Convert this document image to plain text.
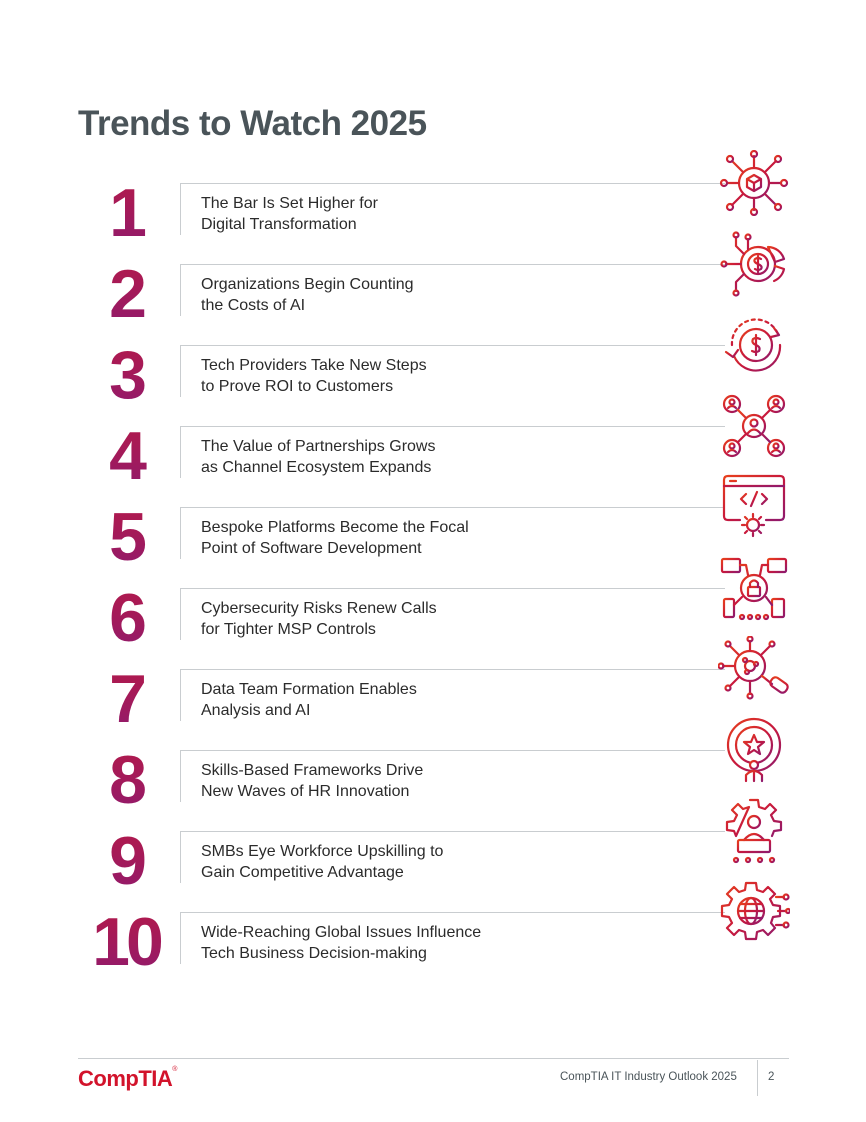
Trends to Watch 2025
1	The Bar Is Set Higher for
Digital Transformation
2	Organizations Begin Counting
the Costs of AI
3	Tech Providers Take New Steps
to Prove ROI to Customers
4	The Value of Partnerships Grows
as Channel Ecosystem Expands
5	Bespoke Platforms Become the Focal
Point of Software Development
6	Cybersecurity Risks Renew Calls
for Tighter MSP Controls
7	Data Team Formation Enables
Analysis and AI
8	Skills-Based Frameworks Drive
New Waves of HR Innovation
9	SMBs Eye Workforce Upskilling to
Gain Competitive Advantage
10	Wide-Reaching Global Issues Influence
Tech Business Decision-making
CompTIA®
CompTIA IT Industry Outlook 2025	2
